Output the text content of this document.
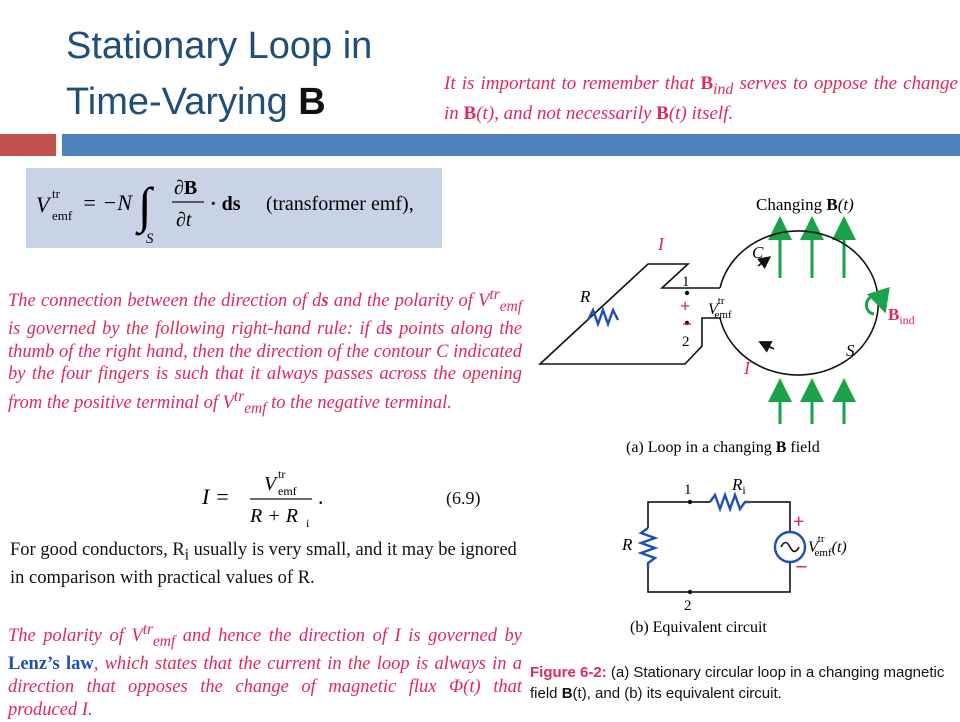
Stationary Loop in
Time-Varying B	It is important to remember that $B_{ind}$ serves to oppose the change in B(t), and not necessarily B(t) itself.
V tr
emf
= −N ∫
S
∂B
∂t
· ds (transformer emf),
The connection between the direction of ds and the polarity of $V^{tr}_{emf}$ is governed by the following right-hand rule: if ds points along the thumb of the right hand, then the direction of the contour C indicated by the four fingers is such that it always passes across the opening from the positive terminal of $V^{tr}_{emf}$ to the negative terminal.
I = V tr
emf
R + R i
.	(6.9)
For good conductors, $R_i$ usually is very small, and it may be ignored in comparison with practical values of R.
The polarity of $V^{tr}_{emf}$ and hence the direction of I is governed by Lenz’s law, which states that the current in the loop is always in a direction that opposes the change of magnetic flux Φ(t) that produced I.
Changing B(t)
$B_{ind}$
R
I
I
C
S
1
2
+
−
$V^{tr}$ emf
(a) Loop in a changing B field
1
2
R
$R_i$
+
−
$V^{tr}$ emf(t)
(b) Equivalent circuit
Figure 6-2: (a) Stationary circular loop in a changing magnetic field B(t), and (b) its equivalent circuit.
